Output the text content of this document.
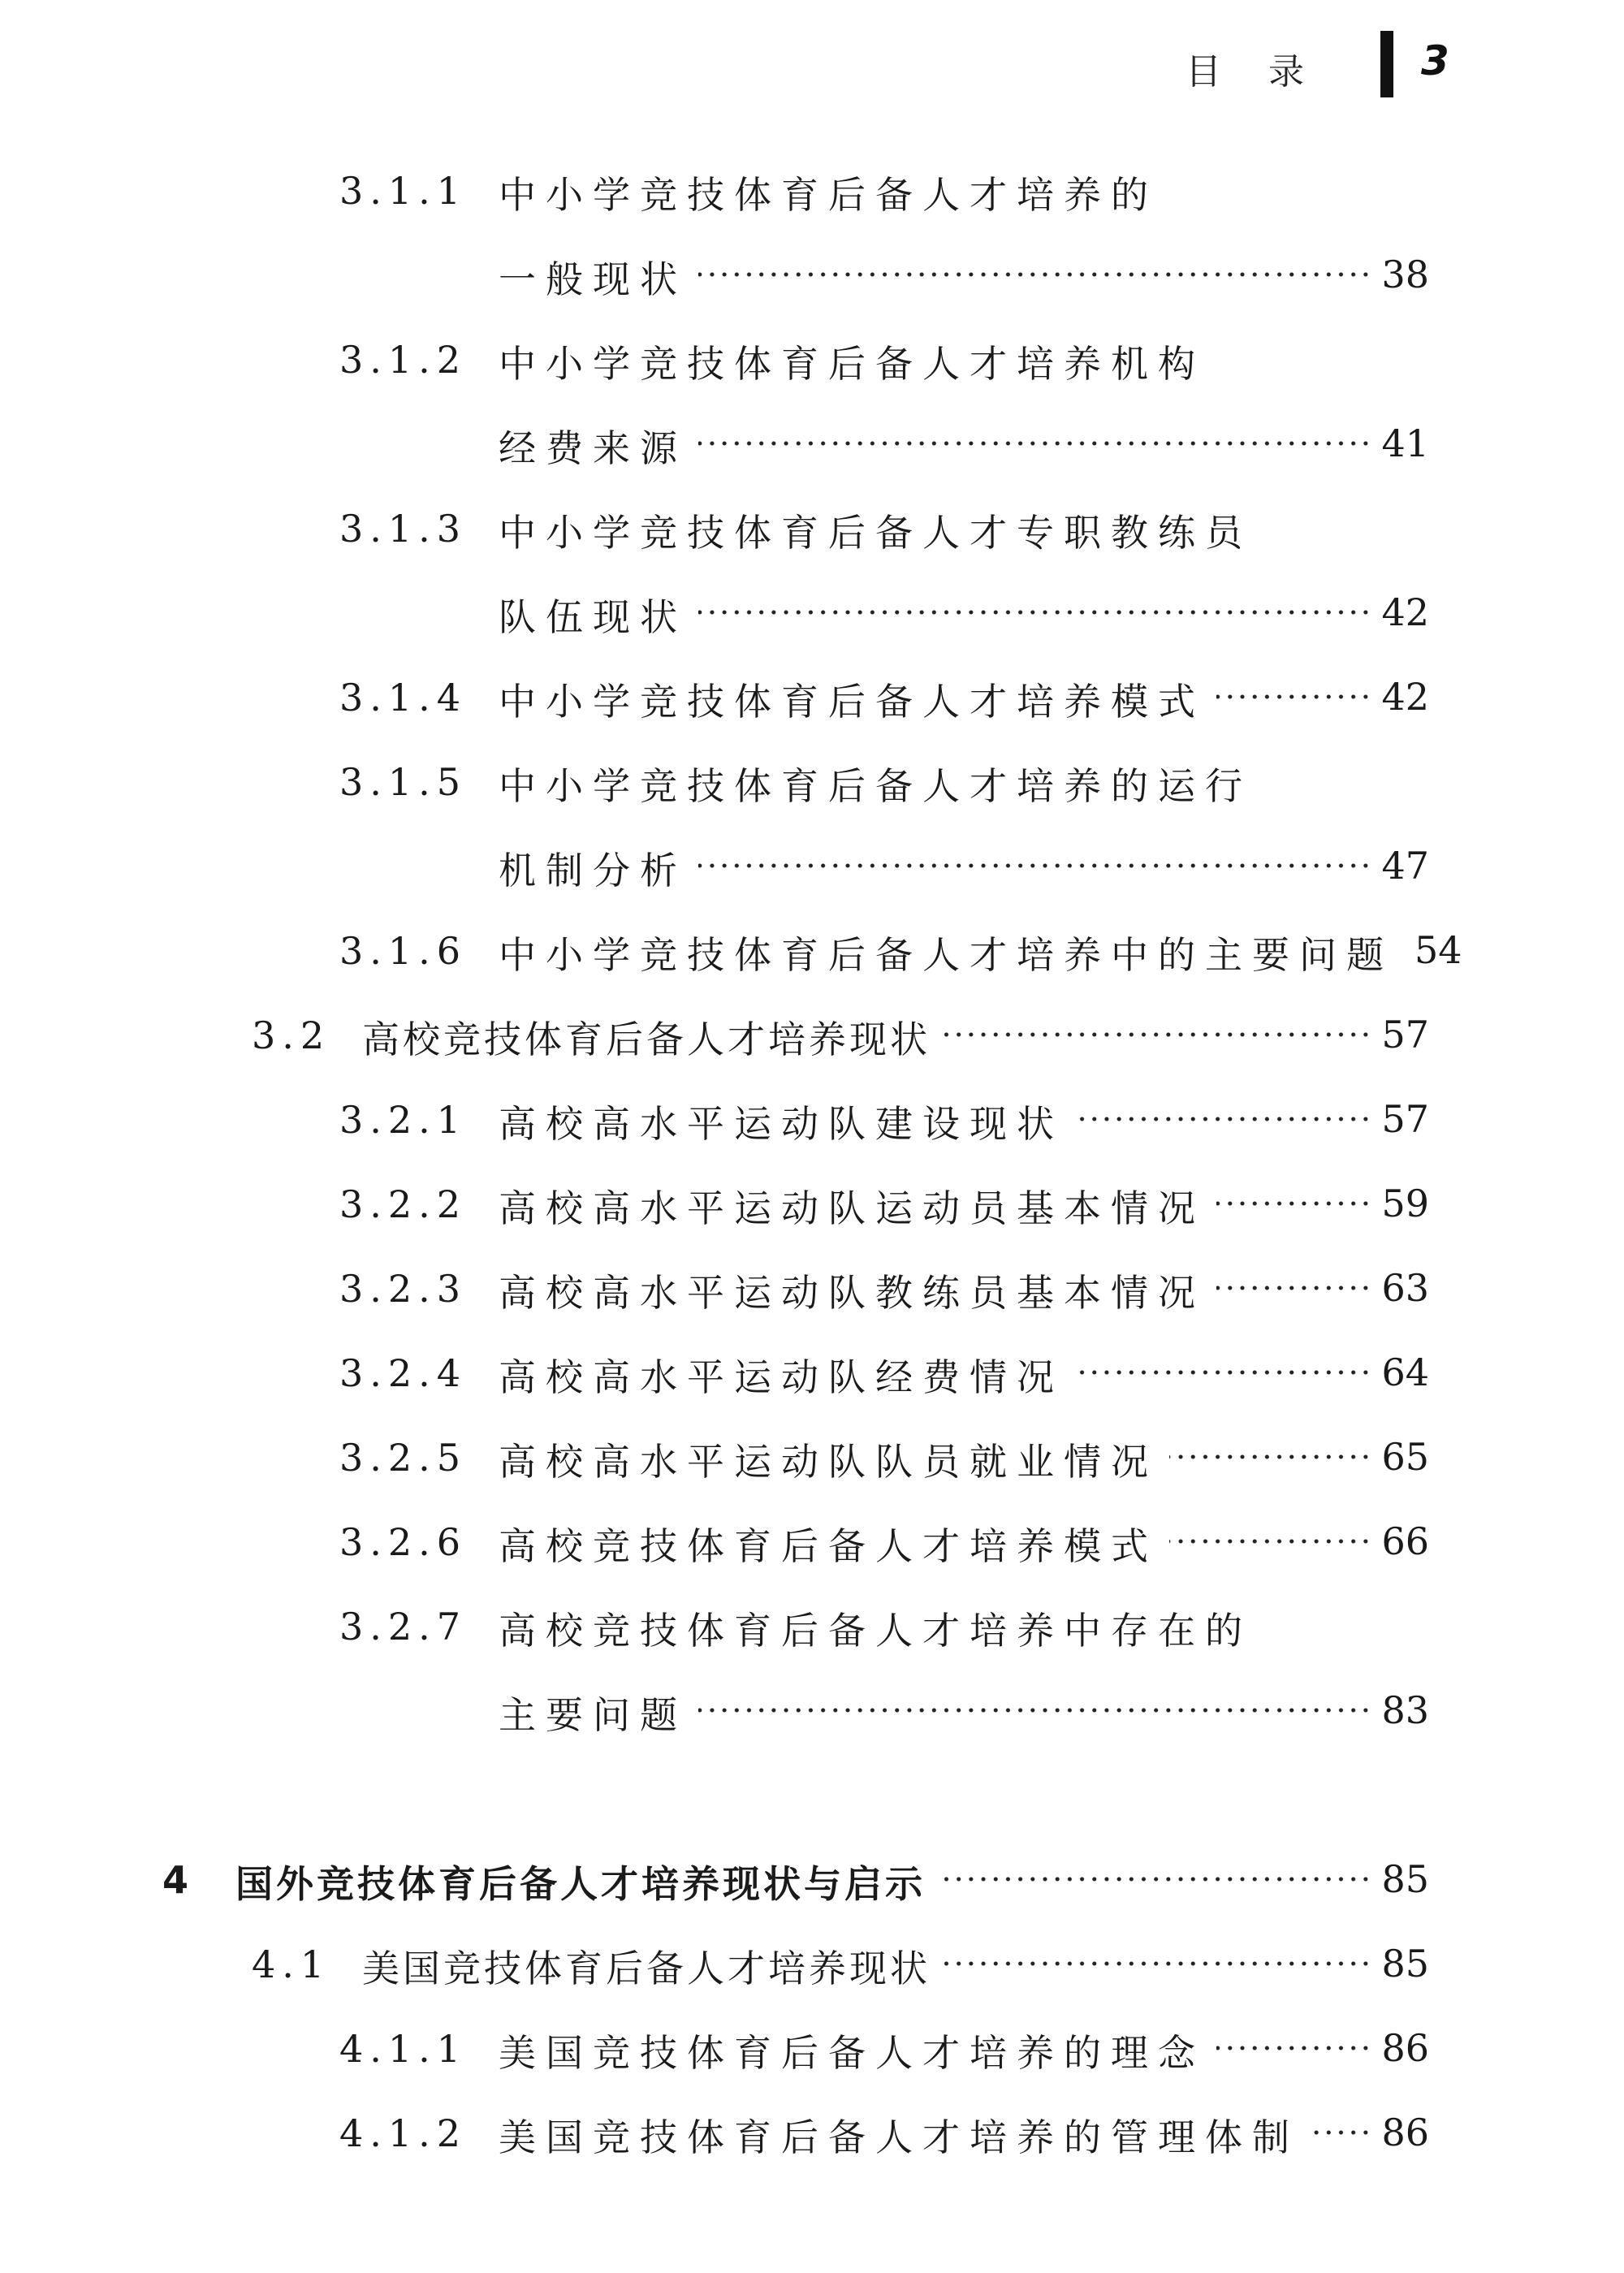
目录 3
3.1.1 中小学竞技体育后备人才培养的
一般现状	38
3.1.2 中小学竞技体育后备人才培养机构
经费来源	41
3.1.3 中小学竞技体育后备人才专职教练员
队伍现状	42
3.1.4 中小学竞技体育后备人才培养模式	42
3.1.5 中小学竞技体育后备人才培养的运行
机制分析	47
3.1.6 中小学竞技体育后备人才培养中的主要问题 54
3.2 高校竞技体育后备人才培养现状	57
3.2.1 高校高水平运动队建设现状	57
3.2.2 高校高水平运动队运动员基本情况	59
3.2.3 高校高水平运动队教练员基本情况	63
3.2.4 高校高水平运动队经费情况	64
3.2.5 高校高水平运动队队员就业情况	65
3.2.6 高校竞技体育后备人才培养模式	66
3.2.7 高校竞技体育后备人才培养中存在的
主要问题	83
4 国外竞技体育后备人才培养现状与启示	85
4.1 美国竞技体育后备人才培养现状	85
4.1.1 美国竞技体育后备人才培养的理念	86
4.1.2 美国竞技体育后备人才培养的管理体制 86
